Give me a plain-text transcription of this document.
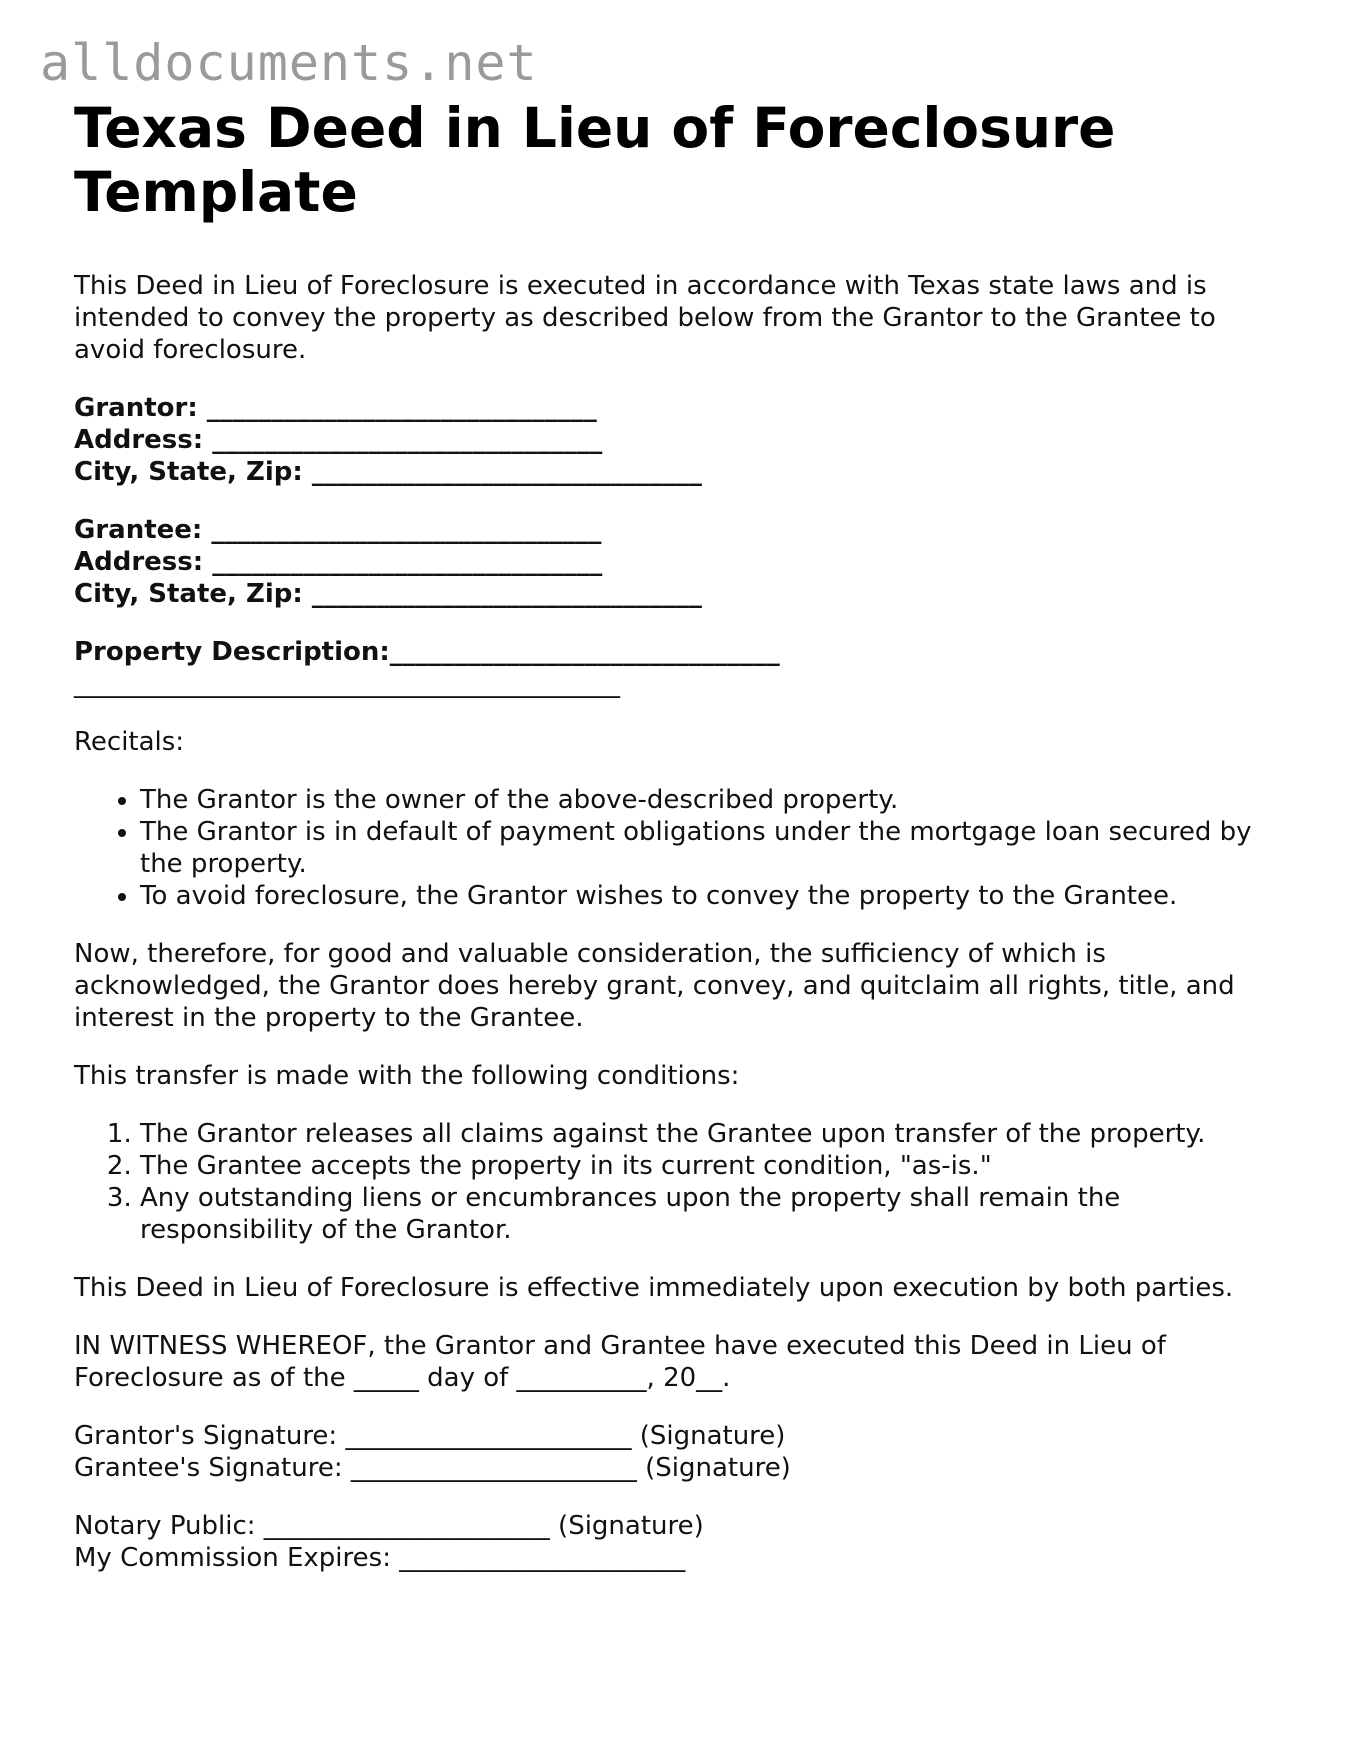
alldocuments.net
Texas Deed in Lieu of Foreclosure Template

This Deed in Lieu of Foreclosure is executed in accordance with Texas state laws and is intended to convey the property as described below from the Grantor to the Grantee to avoid foreclosure.

Grantor: ______________________________
Address: ______________________________
City, State, Zip: ______________________________
Grantee: ______________________________
Address: ______________________________
City, State, Zip: ______________________________
Property Description:______________________________
__________________________________________

Recitals:

• The Grantor is the owner of the above-described property.
• The Grantor is in default of payment obligations under the mortgage loan secured by the property.
• To avoid foreclosure, the Grantor wishes to convey the property to the Grantee.

Now, therefore, for good and valuable consideration, the sufficiency of which is acknowledged, the Grantor does hereby grant, convey, and quitclaim all rights, title, and interest in the property to the Grantee.

This transfer is made with the following conditions:

1. The Grantor releases all claims against the Grantee upon transfer of the property.
2. The Grantee accepts the property in its current condition, "as-is."
3. Any outstanding liens or encumbrances upon the property shall remain the responsibility of the Grantor.

This Deed in Lieu of Foreclosure is effective immediately upon execution by both parties.

IN WITNESS WHEREOF, the Grantor and Grantee have executed this Deed in Lieu of Foreclosure as of the _____ day of __________, 20__.

Grantor's Signature: ______________________ (Signature)
Grantee's Signature: ______________________ (Signature)
Notary Public: ______________________ (Signature)
My Commission Expires: ______________________
